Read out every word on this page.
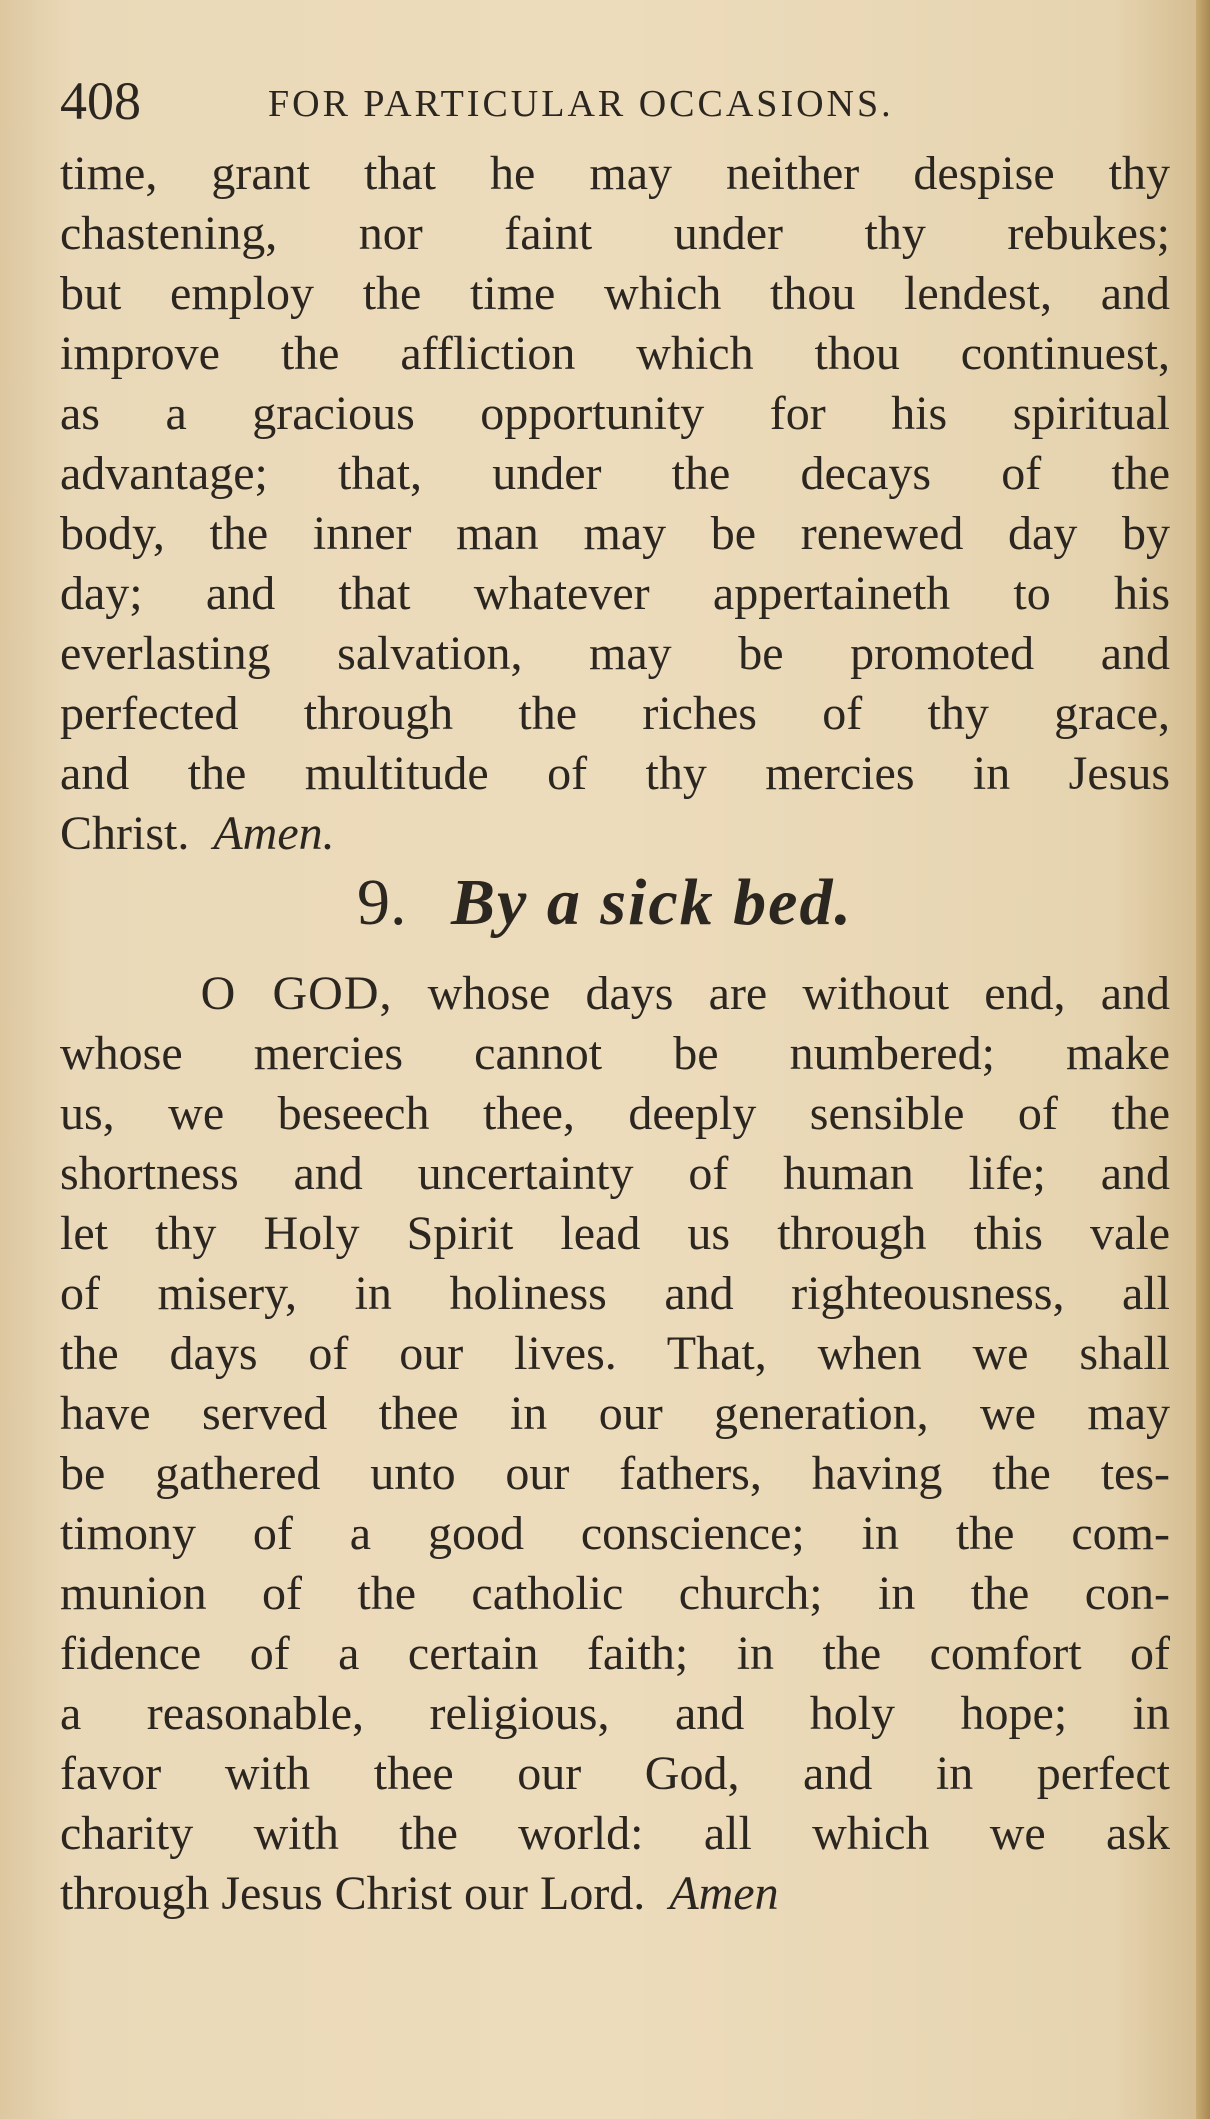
408	FOR PARTICULAR OCCASIONS.
time, grant that he may neither despise thy
chastening, nor faint under thy rebukes;
but employ the time which thou lendest, and
improve the affliction which thou continuest,
as a gracious opportunity for his spiritual
advantage; that, under the decays of the
body, the inner man may be renewed day by
day; and that whatever appertaineth to his
everlasting salvation, may be promoted and
perfected through the riches of thy grace,
and the multitude of thy mercies in Jesus
Christ. Amen.
9. By a sick bed.
O GOD, whose days are without end, and
whose mercies cannot be numbered; make
us, we beseech thee, deeply sensible of the
shortness and uncertainty of human life; and
let thy Holy Spirit lead us through this vale
of misery, in holiness and righteousness, all
the days of our lives. That, when we shall
have served thee in our generation, we may
be gathered unto our fathers, having the tes-
timony of a good conscience; in the com-
munion of the catholic church; in the con-
fidence of a certain faith; in the comfort of
a reasonable, religious, and holy hope; in
favor with thee our God, and in perfect
charity with the world: all which we ask
through Jesus Christ our Lord. Amen
